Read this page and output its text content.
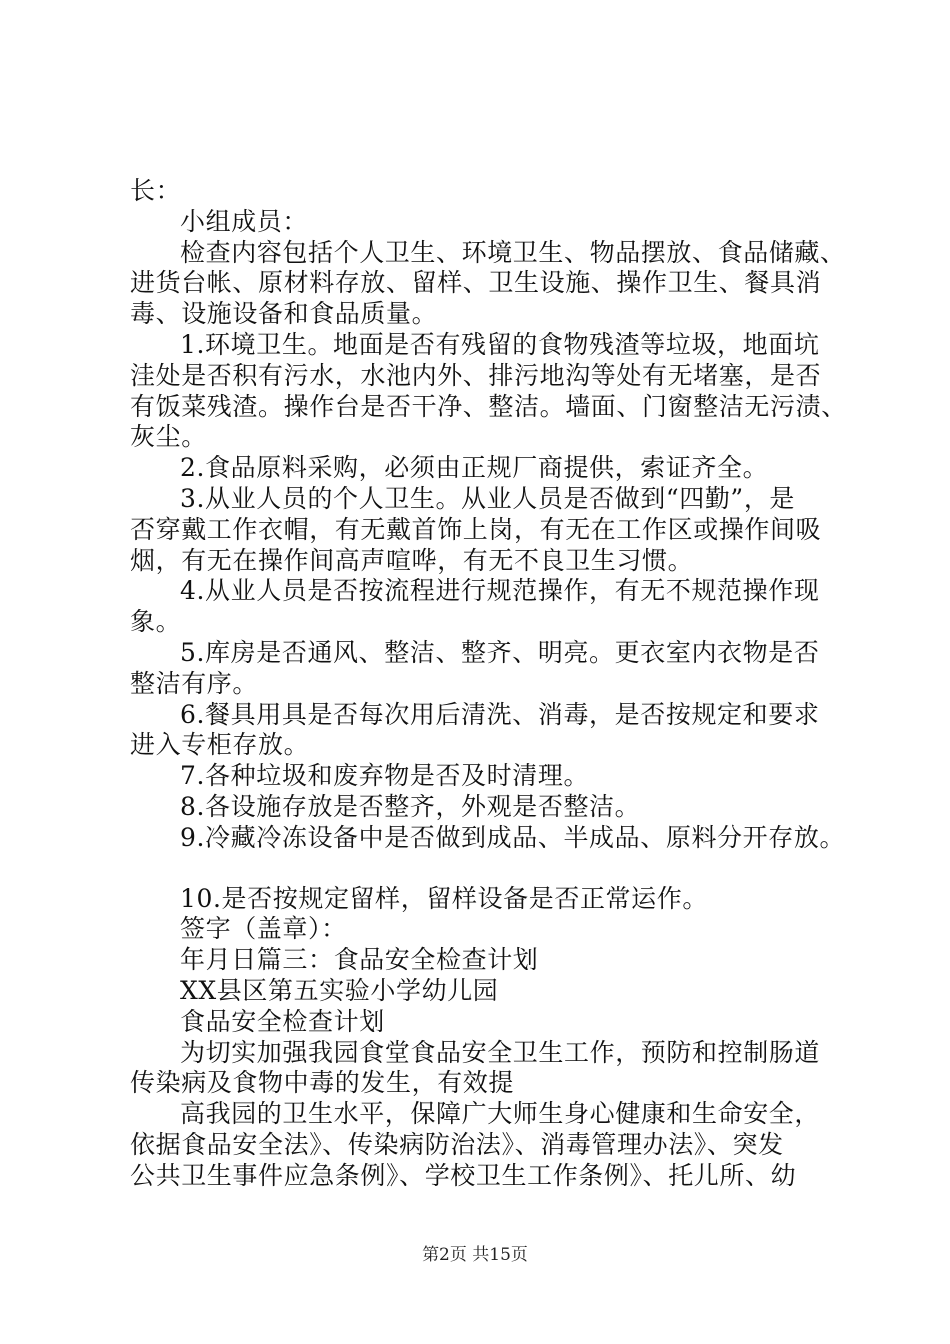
长：
小组成员：
检查内容包括个人卫生、环境卫生、物品摆放、食品储藏、
进货台帐、原材料存放、留样、卫生设施、操作卫生、餐具消
毒、设施设备和食品质量。
1.环境卫生。地面是否有残留的食物残渣等垃圾，地面坑
洼处是否积有污水，水池内外、排污地沟等处有无堵塞，是否
有饭菜残渣。操作台是否干净、整洁。墙面、门窗整洁无污渍、
灰尘。
2.食品原料采购，必须由正规厂商提供，索证齐全。
3.从业人员的个人卫生。从业人员是否做到“四勤”，是
否穿戴工作衣帽，有无戴首饰上岗，有无在工作区或操作间吸
烟，有无在操作间高声喧哗，有无不良卫生习惯。
4.从业人员是否按流程进行规范操作，有无不规范操作现
象。
5.库房是否通风、整洁、整齐、明亮。更衣室内衣物是否
整洁有序。
6.餐具用具是否每次用后清洗、消毒，是否按规定和要求
进入专柜存放。
7.各种垃圾和废弃物是否及时清理。
8.各设施存放是否整齐，外观是否整洁。
9.冷藏冷冻设备中是否做到成品、半成品、原料分开存放。
10.是否按规定留样，留样设备是否正常运作。
签字（盖章）：
年月日篇三：食品安全检查计划
XX县区第五实验小学幼儿园
食品安全检查计划
为切实加强我园食堂食品安全卫生工作，预防和控制肠道
传染病及食物中毒的发生，有效提
高我园的卫生水平，保障广大师生身心健康和生命安全，
依据食品安全法》、传染病防治法》、消毒管理办法》、突发
公共卫生事件应急条例》、学校卫生工作条例》、托儿所、幼
第2页 共15页
